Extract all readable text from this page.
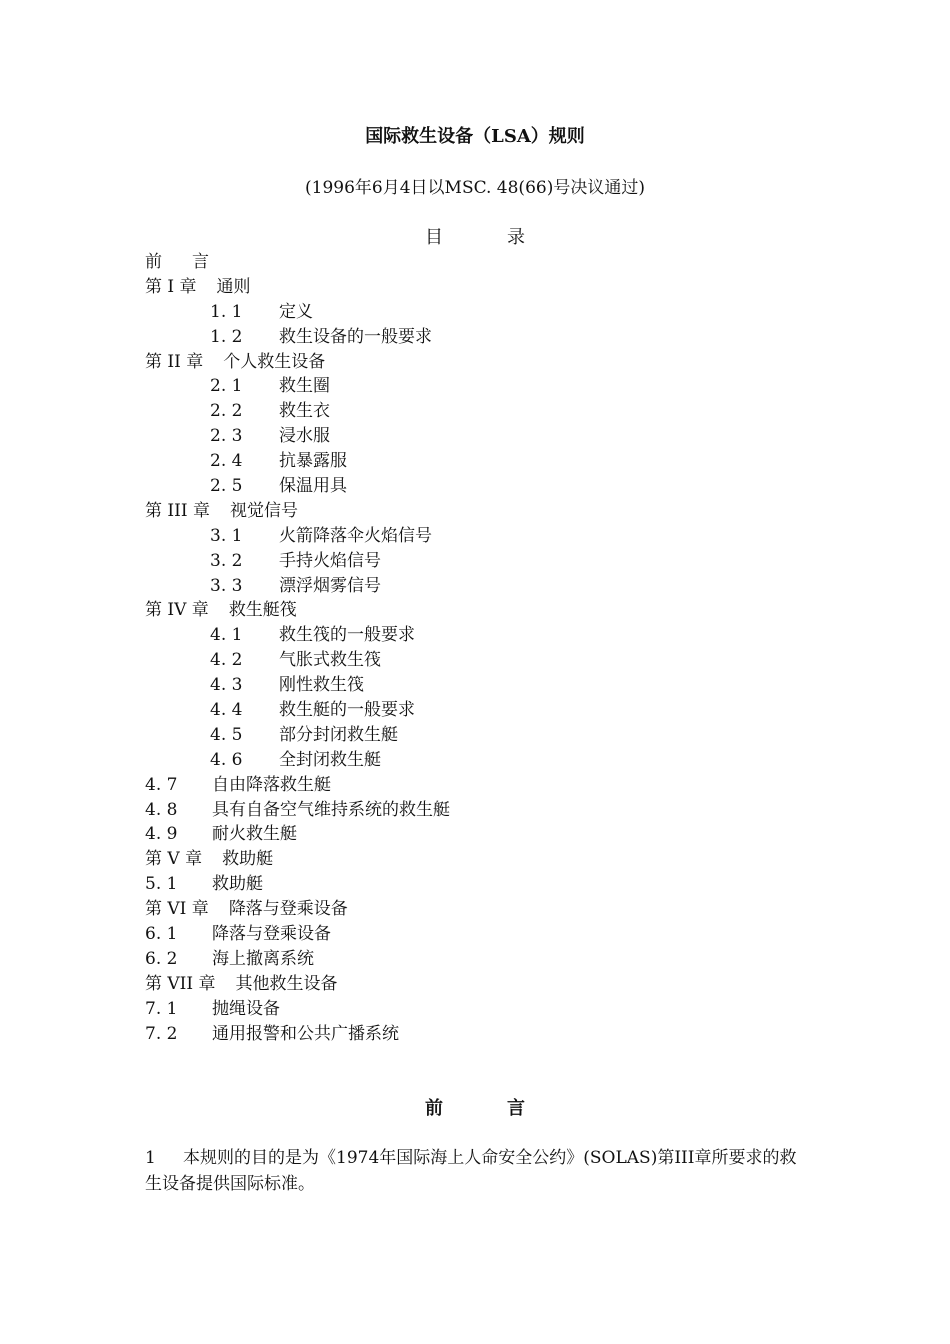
国际救生设备（LSA）规则
(1996年6月4日以MSC. 48(66)号决议通过)
目	录
前 言
第 I 章 通则
1. 1 定义
1. 2 救生设备的一般要求
第 II 章 个人救生设备
2. 1 救生圈
2. 2 救生衣
2. 3 浸水服
2. 4 抗暴露服
2. 5 保温用具
第 III 章 视觉信号
3. 1 火箭降落伞火焰信号
3. 2 手持火焰信号
3. 3 漂浮烟雾信号
第 IV 章 救生艇筏
4. 1 救生筏的一般要求
4. 2 气胀式救生筏
4. 3 刚性救生筏
4. 4 救生艇的一般要求
4. 5 部分封闭救生艇
4. 6 全封闭救生艇
4. 7 自由降落救生艇
4. 8 具有自备空气维持系统的救生艇
4. 9 耐火救生艇
第 V 章 救助艇
5. 1 救助艇
第 VI 章 降落与登乘设备
6. 1 降落与登乘设备
6. 2 海上撤离系统
第 VII 章 其他救生设备
7. 1 抛绳设备
7. 2 通用报警和公共广播系统
前	言
1 本规则的目的是为《1974年国际海上人命安全公约》(SOLAS)第III章所要求的救生设备提供国际标准。
